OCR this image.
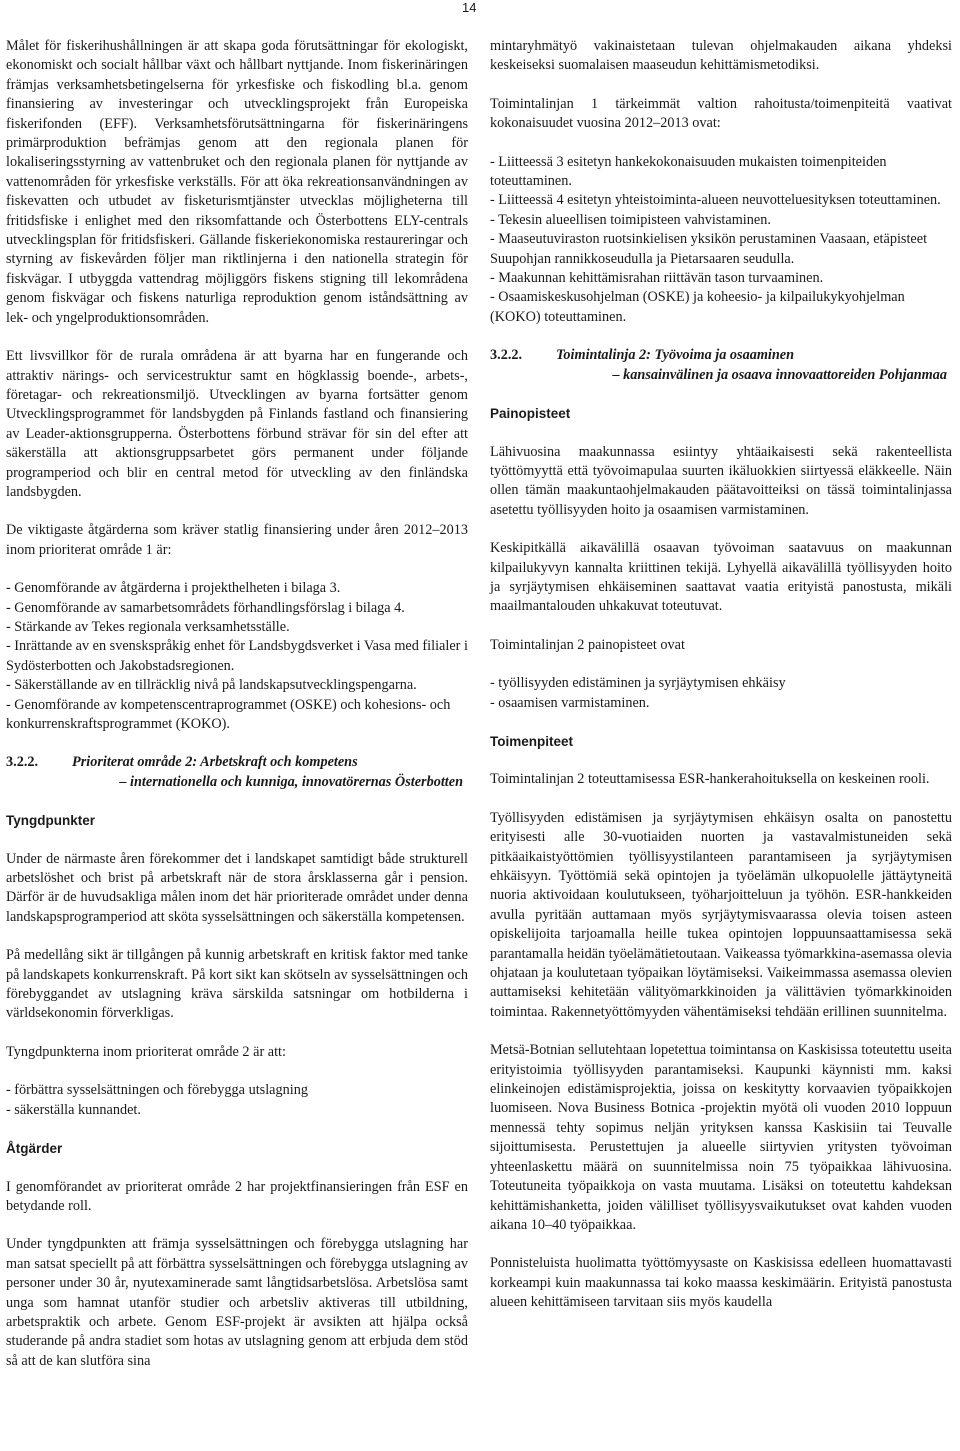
14

Målet för fiskerihushållningen är att skapa goda förutsättningar för ekologiskt, ekonomiskt och socialt hållbar växt och hållbart nyttjande. Inom fiskerinäringen främjas verksamhetsbetingelserna för yrkesfiske och fiskodling bl.a. genom finansiering av investeringar och utvecklingsprojekt från Europeiska fiskerifonden (EFF). Verksamhetsförutsättningarna för fiskerinäringens primärproduktion befrämjas genom att den regionala planen för lokaliseringsstyrning av vattenbruket och den regionala planen för nyttjande av vattenområden för yrkesfiske verkställs. För att öka rekreationsanvändningen av fiskevatten och utbudet av fisketurismtjänster utvecklas möjligheterna till fritidsfiske i enlighet med den riksomfattande och Österbottens ELY-centrals utvecklingsplan för fritidsfiskeri. Gällande fiskeriekonomiska restaureringar och styrning av fiskevården följer man riktlinjerna i den nationella strategin för fiskvägar. I utbyggda vattendrag möjliggörs fiskens stigning till lekområdena genom fiskvägar och fiskens naturliga reproduktion genom iståndsättning av lek- och yngelproduktionsområden.

Ett livsvillkor för de rurala områdena är att byarna har en fungerande och attraktiv närings- och servicestruktur samt en högklassig boende-, arbets-, företagar- och rekreationsmiljö. Utvecklingen av byarna fortsätter genom Utvecklingsprogrammet för landsbygden på Finlands fastland och finansiering av Leader-aktionsgrupperna. Österbottens förbund strävar för sin del efter att säkerställa att aktionsgruppsarbetet görs permanent under följande programperiod och blir en central metod för utveckling av den finländska landsbygden.

De viktigaste åtgärderna som kräver statlig finansiering under åren 2012–2013 inom prioriterat område 1 är:

- Genomförande av åtgärderna i projekthelheten i bilaga 3.
- Genomförande av samarbetsområdets förhandlingsförslag i bilaga 4.
- Stärkande av Tekes regionala verksamhetsställe.
- Inrättande av en svenskspråkig enhet för Landsbygdsverket i Vasa med filialer i Sydösterbotten och Jakobstadsregionen.
- Säkerställande av en tillräcklig nivå på landskapsutvecklingspengarna.
- Genomförande av kompetenscentraprogrammet (OSKE) och kohesions- och konkurrenskraftsprogrammet (KOKO).
3.2.2. Prioriterat område 2: Arbetskraft och kompetens
– internationella och kunniga, innovatörernas Österbotten
Tyngdpunkter

Under de närmaste åren förekommer det i landskapet samtidigt både strukturell arbetslöshet och brist på arbetskraft när de stora årsklasserna går i pension. Därför är de huvudsakliga målen inom det här prioriterade området under denna landskapsprogramperiod att sköta sysselsättningen och säkerställa kompetensen.

På medellång sikt är tillgången på kunnig arbetskraft en kritisk faktor med tanke på landskapets konkurrenskraft. På kort sikt kan skötseln av sysselsättningen och förebyggandet av utslagning kräva särskilda satsningar om hotbilderna i världsekonomin förverkligas.

Tyngdpunkterna inom prioriterat område 2 är att:

- förbättra sysselsättningen och förebygga utslagning
- säkerställa kunnandet.
Åtgärder

I genomförandet av prioriterat område 2 har projektfinansieringen från ESF en betydande roll.

Under tyngdpunkten att främja sysselsättningen och förebygga utslagning har man satsat speciellt på att förbättra sysselsättningen och förebygga utslagning av personer under 30 år, nyutexaminerade samt långtidsarbetslösa. Arbetslösa samt unga som hamnat utanför studier och arbetsliv aktiveras till utbildning, arbetspraktik och arbete. Genom ESF-projekt är avsikten att hjälpa också studerande på andra stadiet som hotas av utslagning genom att erbjuda dem stöd så att de kan slutföra sina

mintaryhmätyö vakinaistetaan tulevan ohjelmakauden aikana yhdeksi keskeiseksi suomalaisen maaseudun kehittämismetodiksi.

Toimintalinjan 1 tärkeimmät valtion rahoitusta/toimenpiteitä vaativat kokonaisuudet vuosina 2012–2013 ovat:

- Liitteessä 3 esitetyn hankekokonaisuuden mukaisten toimenpiteiden toteuttaminen.
- Liitteessä 4 esitetyn yhteistoiminta-alueen neuvotteluesityksen toteuttaminen.
- Tekesin alueellisen toimipisteen vahvistaminen.
- Maaseutuviraston ruotsinkielisen yksikön perustaminen Vaasaan, etäpisteet Suupohjan rannikkoseudulla ja Pietarsaaren seudulla.
- Maakunnan kehittämisrahan riittävän tason turvaaminen.
- Osaamiskeskusohjelman (OSKE) ja koheesio- ja kilpailukykyohjelman (KOKO) toteuttaminen.
3.2.2. Toimintalinja 2: Työvoima ja osaaminen
– kansainvälinen ja osaava innovaattoreiden Pohjanmaa
Painopisteet

Lähivuosina maakunnassa esiintyy yhtäaikaisesti sekä rakenteellista työttömyyttä että työvoimapulaa suurten ikäluokkien siirtyessä eläkkeelle. Näin ollen tämän maakuntaohjelmakauden päätavoitteiksi on tässä toimintalinjassa asetettu työllisyyden hoito ja osaamisen varmistaminen.

Keskipitkällä aikavälillä osaavan työvoiman saatavuus on maakunnan kilpailukyvyn kannalta kriittinen tekijä. Lyhyellä aikavälillä työllisyyden hoito ja syrjäytymisen ehkäiseminen saattavat vaatia erityistä panostusta, mikäli maailmantalouden uhkakuvat toteutuvat.

Toimintalinjan 2 painopisteet ovat

- työllisyyden edistäminen ja syrjäytymisen ehkäisy
- osaamisen varmistaminen.
Toimenpiteet

Toimintalinjan 2 toteuttamisessa ESR-hankerahoituksella on keskeinen rooli.

Työllisyyden edistämisen ja syrjäytymisen ehkäisyn osalta on panostettu erityisesti alle 30-vuotiaiden nuorten ja vastavalmistuneiden sekä pitkäaikaistyöttömien työllisyystilanteen parantamiseen ja syrjäytymisen ehkäisyyn. Työttömiä sekä opintojen ja työelämän ulkopuolelle jättäytyneitä nuoria aktivoidaan koulutukseen, työharjoitteluun ja työhön. ESR-hankkeiden avulla pyritään auttamaan myös syrjäytymisvaarassa olevia toisen asteen opiskelijoita tarjoamalla heille tukea opintojen loppuunsaattamisessa sekä parantamalla heidän työelämätietoutaan. Vaikeassa työmarkkina-asemassa olevia ohjataan ja koulutetaan työpaikan löytämiseksi. Vaikeimmassa asemassa olevien auttamiseksi kehitetään välityömarkkinoiden ja välittävien työmarkkinoiden toimintaa. Rakennetyöttömyyden vähentämiseksi tehdään erillinen suunnitelma.

Metsä-Botnian sellutehtaan lopetettua toimintansa on Kaskisissa toteutettu useita erityistoimia työllisyyden parantamiseksi. Kaupunki käynnisti mm. kaksi elinkeinojen edistämisprojektia, joissa on keskitytty korvaavien työpaikkojen luomiseen. Nova Business Botnica -projektin myötä oli vuoden 2010 loppuun mennessä tehty sopimus neljän yrityksen kanssa Kaskisiin tai Teuvalle sijoittumisesta. Perustettujen ja alueelle siirtyvien yritysten työvoiman yhteenlaskettu määrä on suunnitelmissa noin 75 työpaikkaa lähivuosina. Toteutuneita työpaikkoja on vasta muutama. Lisäksi on toteutettu kahdeksan kehittämishanketta, joiden välilliset työllisyysvaikutukset ovat kahden vuoden aikana 10–40 työpaikkaa.

Ponnisteluista huolimatta työttömyysaste on Kaskisissa edelleen huomattavasti korkeampi kuin maakunnassa tai koko maassa keskimäärin. Erityistä panostusta alueen kehittämiseen tarvitaan siis myös kaudella
